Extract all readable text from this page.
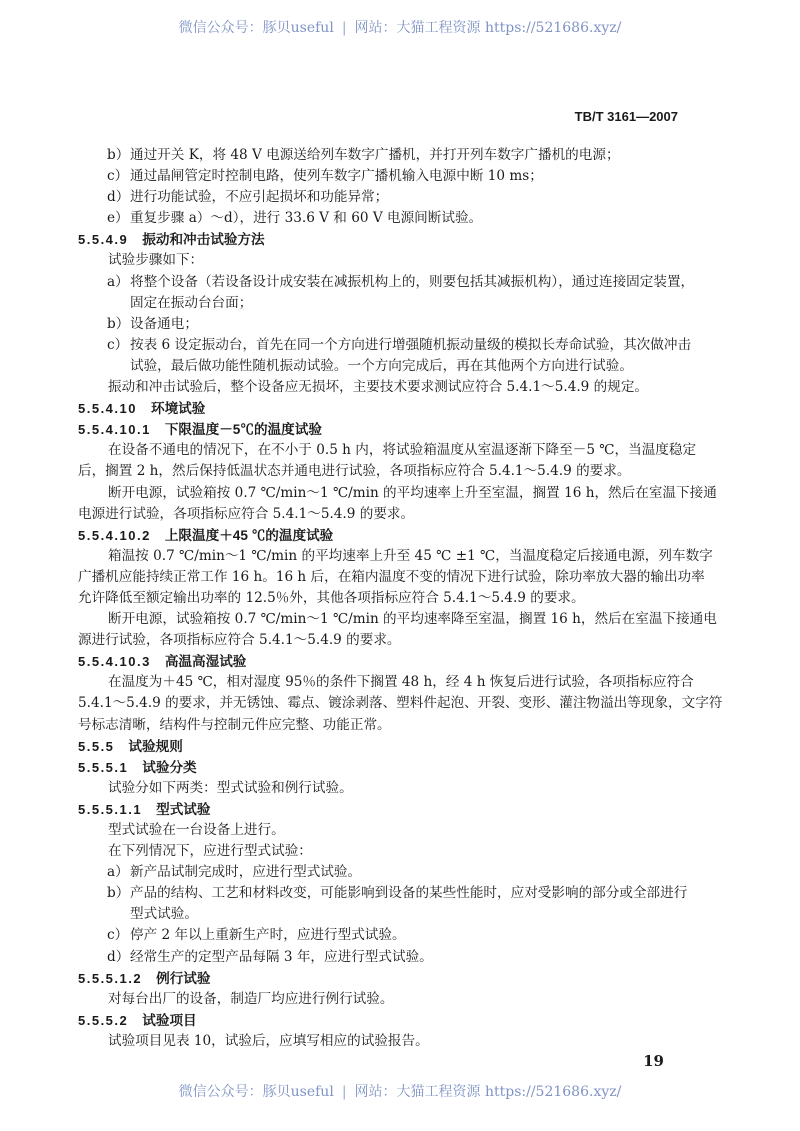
微信公众号：豚贝useful | 网站：大猫工程资源 https://521686.xyz/
TB/T 3161—2007
b） 通过开关 K，将 48 V 电源送给列车数字广播机，并打开列车数字广播机的电源；
c） 通过晶闸管定时控制电路，使列车数字广播机输入电源中断 10 ms；
d） 进行功能试验，不应引起损坏和功能异常；
e） 重复步骤 a）～d），进行 33.6 V 和 60 V 电源间断试验。
5.5.4.9 振动和冲击试验方法
试验步骤如下：
a） 将整个设备（若设备设计成安装在减振机构上的，则要包括其减振机构），通过连接固定装置，
固定在振动台台面；
b） 设备通电；
c） 按表 6 设定振动台，首先在同一个方向进行增强随机振动量级的模拟长寿命试验，其次做冲击
试验，最后做功能性随机振动试验。一个方向完成后，再在其他两个方向进行试验。
振动和冲击试验后，整个设备应无损坏，主要技术要求测试应符合 5.4.1～5.4.9 的规定。
5.5.4.10 环境试验
5.5.4.10.1 下限温度－5℃的温度试验
在设备不通电的情况下，在不小于 0.5 h 内，将试验箱温度从室温逐渐下降至－5 ℃，当温度稳定
后，搁置 2 h，然后保持低温状态并通电进行试验，各项指标应符合 5.4.1～5.4.9 的要求。
断开电源，试验箱按 0.7 ℃/min～1 ℃/min 的平均速率上升至室温，搁置 16 h，然后在室温下接通
电源进行试验，各项指标应符合 5.4.1～5.4.9 的要求。
5.5.4.10.2 上限温度＋45 ℃的温度试验
箱温按 0.7 ℃/min～1 ℃/min 的平均速率上升至 45 ℃ ±1 ℃，当温度稳定后接通电源，列车数字
广播机应能持续正常工作 16 h。16 h 后，在箱内温度不变的情况下进行试验，除功率放大器的输出功率
允许降低至额定输出功率的 12.5％外，其他各项指标应符合 5.4.1～5.4.9 的要求。
断开电源，试验箱按 0.7 ℃/min～1 ℃/min 的平均速率降至室温，搁置 16 h，然后在室温下接通电
源进行试验，各项指标应符合 5.4.1～5.4.9 的要求。
5.5.4.10.3 高温高湿试验
在温度为＋45 ℃，相对湿度 95％的条件下搁置 48 h，经 4 h 恢复后进行试验，各项指标应符合
5.4.1～5.4.9 的要求，并无锈蚀、霉点、镀涂剥落、塑料件起泡、开裂、变形、灌注物溢出等现象，文字符
号标志清晰，结构件与控制元件应完整、功能正常。
5.5.5 试验规则
5.5.5.1 试验分类
试验分如下两类：型式试验和例行试验。
5.5.5.1.1 型式试验
型式试验在一台设备上进行。
在下列情况下，应进行型式试验：
a） 新产品试制完成时，应进行型式试验。
b） 产品的结构、工艺和材料改变，可能影响到设备的某些性能时，应对受影响的部分或全部进行
型式试验。
c） 停产 2 年以上重新生产时，应进行型式试验。
d） 经常生产的定型产品每隔 3 年，应进行型式试验。
5.5.5.1.2 例行试验
对每台出厂的设备，制造厂均应进行例行试验。
5.5.5.2 试验项目
试验项目见表 10，试验后，应填写相应的试验报告。
19
微信公众号：豚贝useful | 网站：大猫工程资源 https://521686.xyz/
